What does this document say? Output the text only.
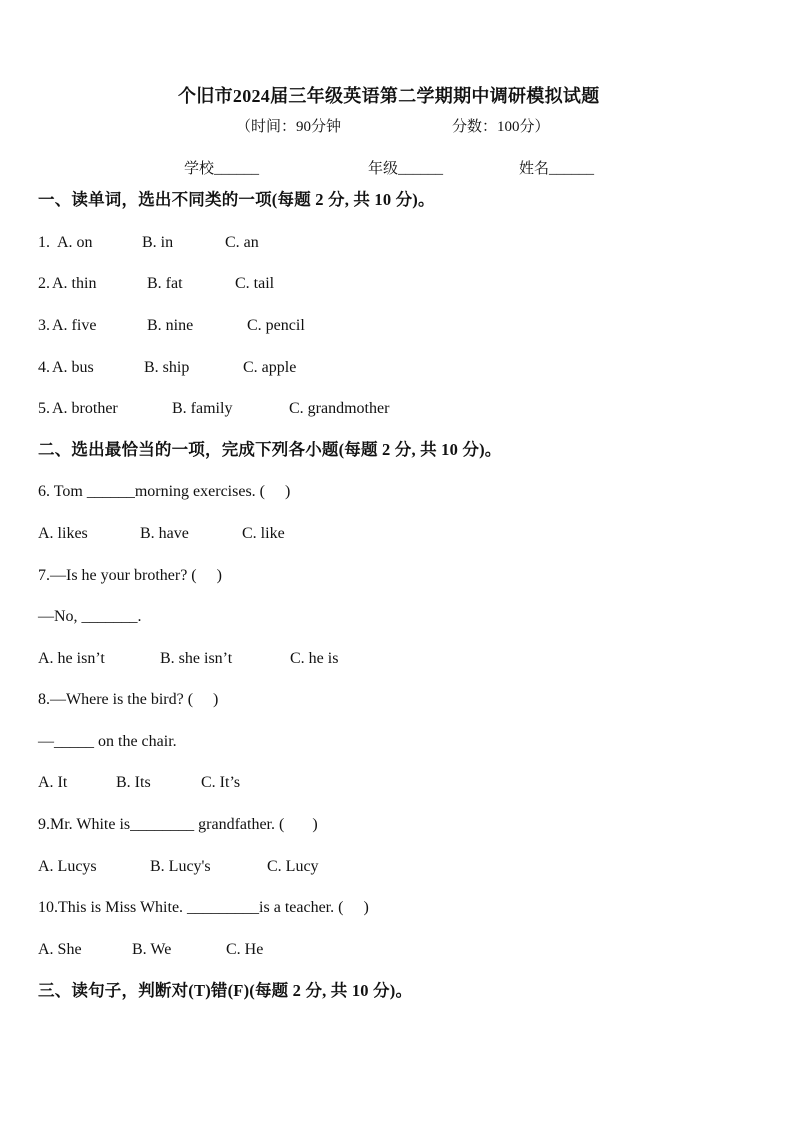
个旧市2024届三年级英语第二学期期中调研模拟试题
（时间：90分钟	分数：100分）
学校______	年级______	姓名______
一、读单词，选出不同类的一项(每题 2 分, 共 10 分)。
1. A. on	B. in	C. an
2. A. thin	B. fat	C. tail
3. A. five	B. nine	C. pencil
4. A. bus	B. ship	C. apple
5. A. brother	B. family	C. grandmother
二、选出最恰当的一项，完成下列各小题(每题 2 分, 共 10 分)。
6. Tom ______morning exercises. (     )
A. likes	B. have	C. like
7.—Is he your brother? (     )
—No, _______.
A. he isn’t	B. she isn’t	C. he is
8.—Where is the bird? (     )
—_____ on the chair.
A. It	B. Its	C. It’s
9.Mr. White is________ grandfather. (       )
A. Lucys	B. Lucy's	C. Lucy
10.This is Miss White. _________is a teacher. (     )
A. She	B. We	C. He
三、读句子，判断对(T)错(F)(每题 2 分, 共 10 分)。
